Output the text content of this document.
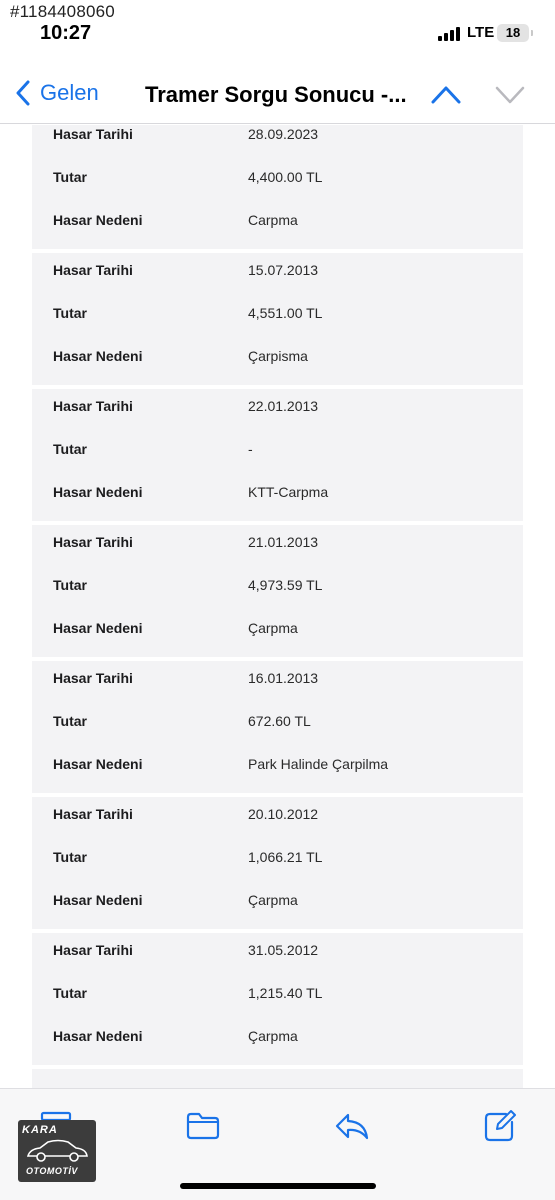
#1184408060
10:27	LTE 18
Gelen Tramer Sorgu Sonucu -...
Hasar Tarihi	28.09.2023
Tutar	4,400.00 TL
Hasar Nedeni	Carpma
Hasar Tarihi	15.07.2013
Tutar	4,551.00 TL
Hasar Nedeni	Çarpisma
Hasar Tarihi	22.01.2013
Tutar	-
Hasar Nedeni	KTT-Carpma
Hasar Tarihi	21.01.2013
Tutar	4,973.59 TL
Hasar Nedeni	Çarpma
Hasar Tarihi	16.01.2013
Tutar	672.60 TL
Hasar Nedeni	Park Halinde Çarpilma
Hasar Tarihi	20.10.2012
Tutar	1,066.21 TL
Hasar Nedeni	Çarpma
Hasar Tarihi	31.05.2012
Tutar	1,215.40 TL
Hasar Nedeni	Çarpma
KARA
OTOMOTİV
